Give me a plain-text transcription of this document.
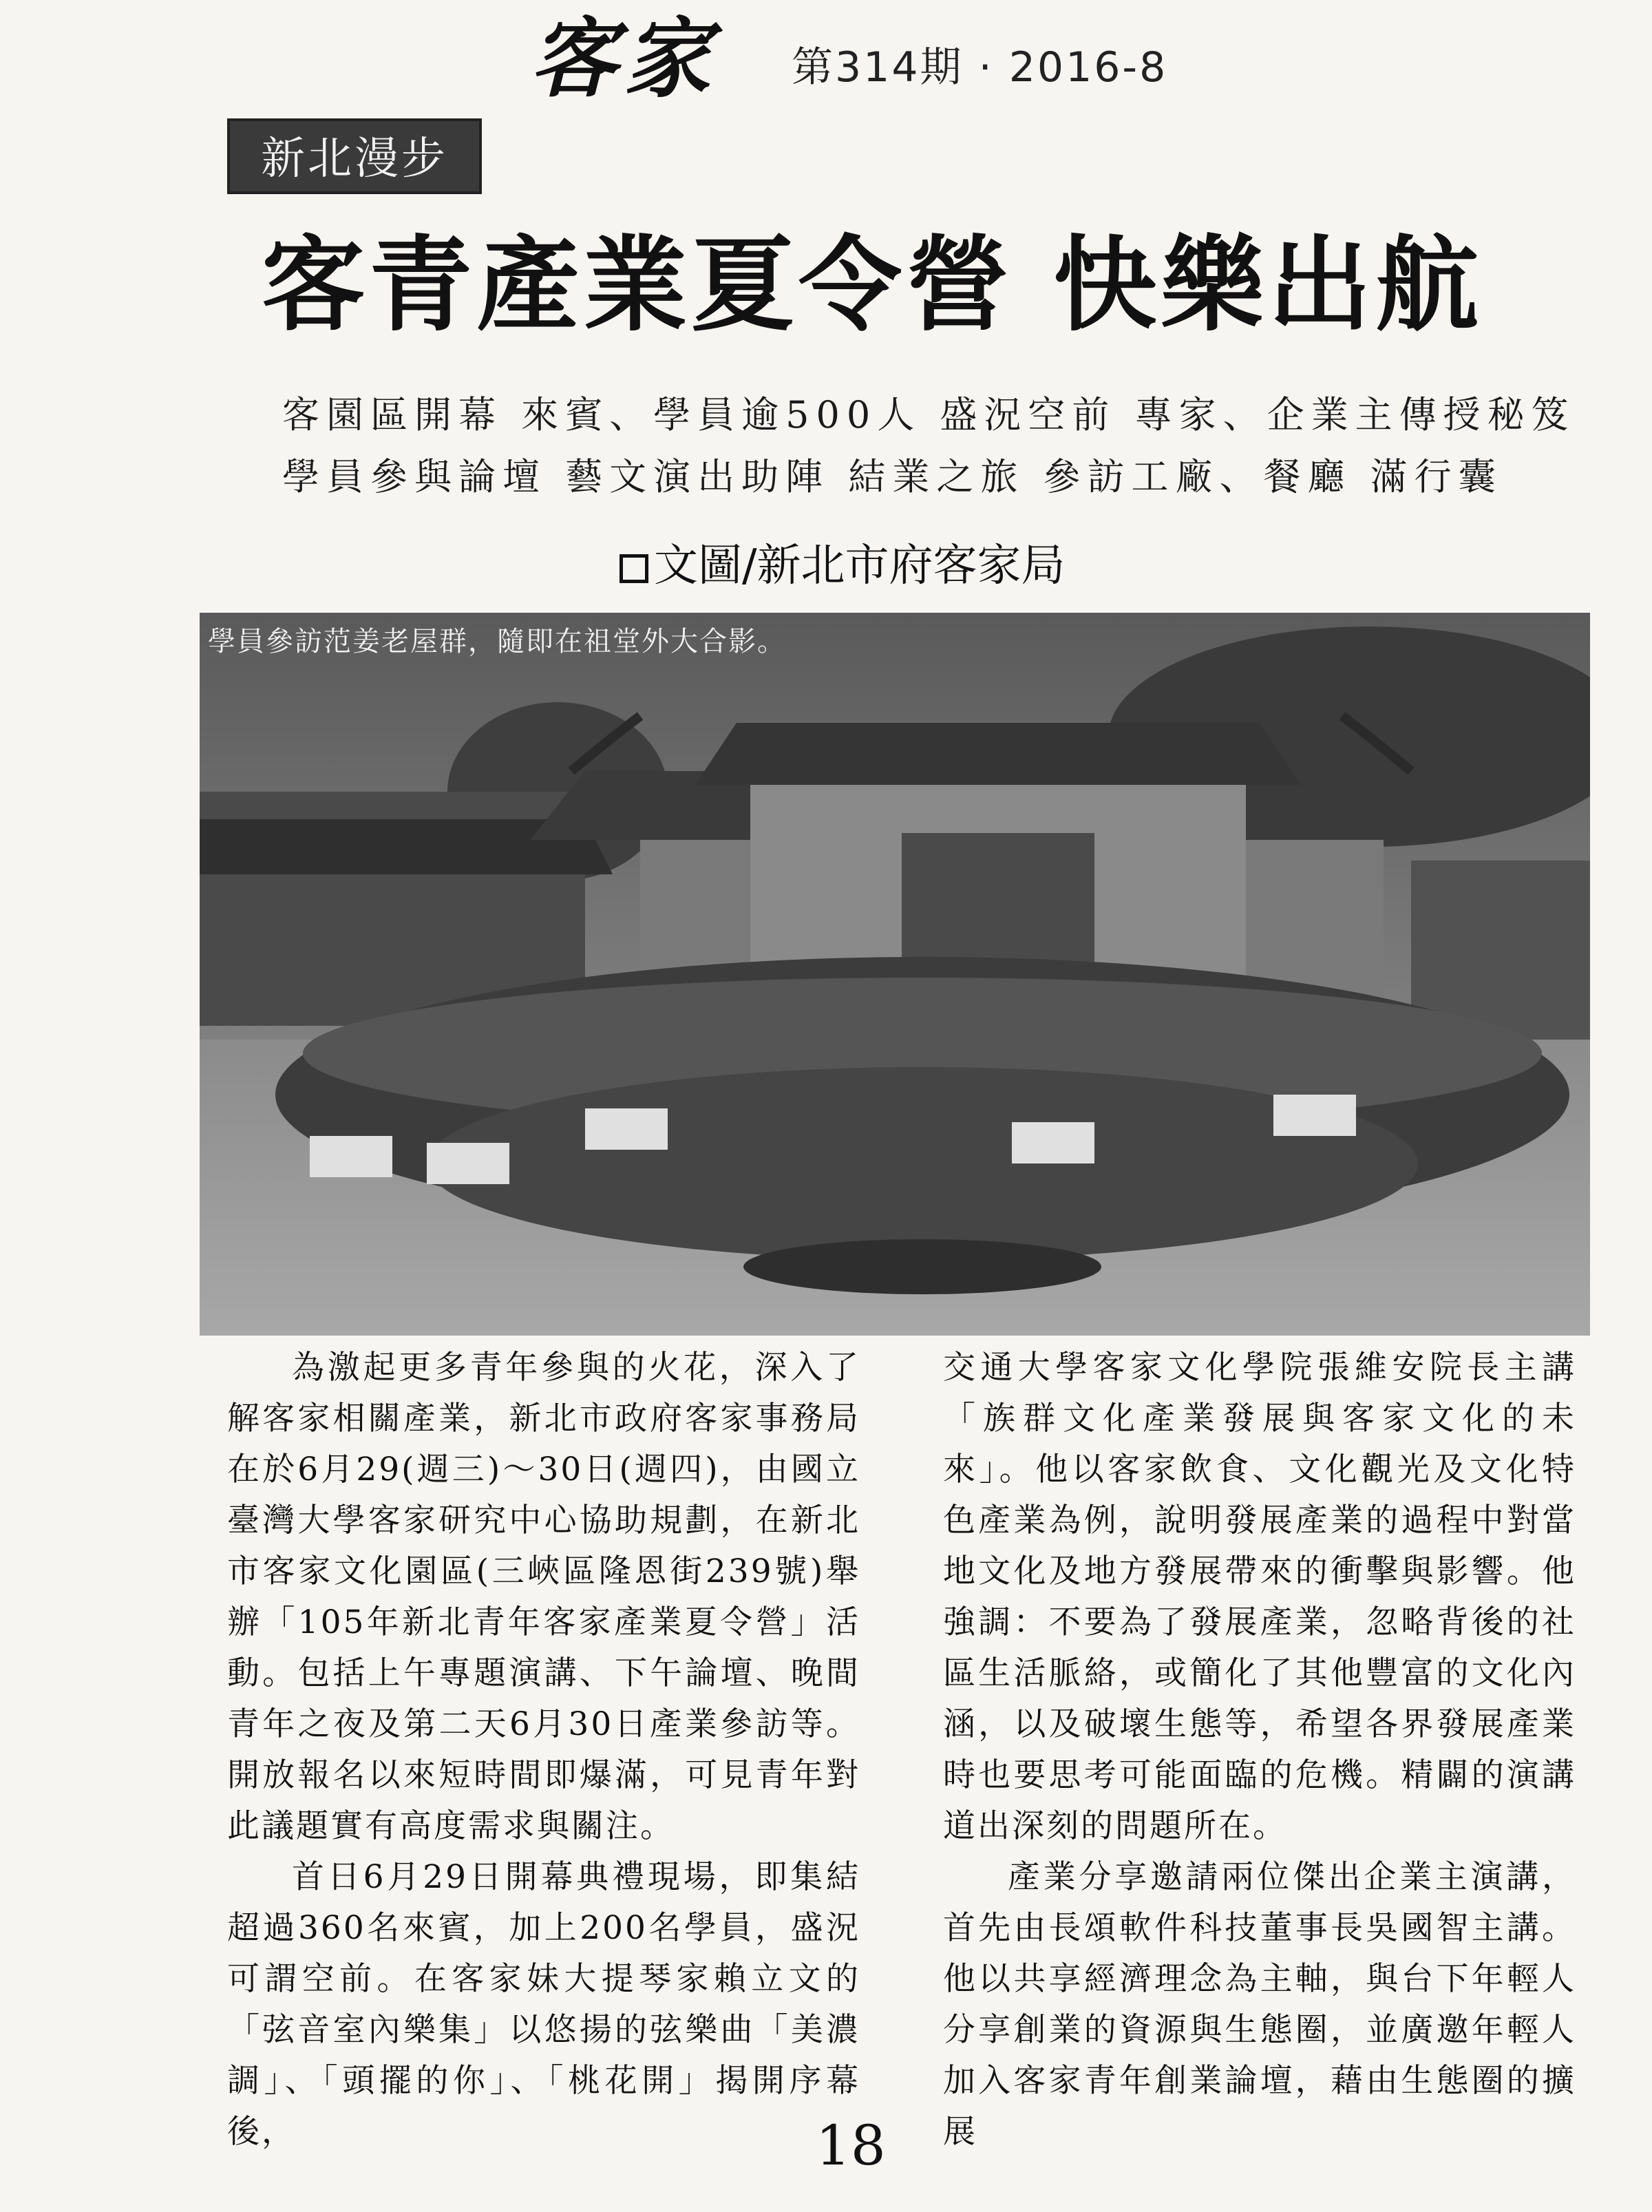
客家 第314期 · 2016-8
新北漫步
客青產業夏令營 快樂出航
客園區開幕 來賓、學員逾500人 盛況空前 專家、企業主傳授秘笈
學員參與論壇 藝文演出助陣 結業之旅 參訪工廠、餐廳 滿行囊
文圖/新北市府客家局
學員參訪范姜老屋群，隨即在祖堂外大合影。

為激起更多青年參與的火花，深入了解客家相關產業，新北市政府客家事務局在於6月29(週三)～30日(週四)，由國立臺灣大學客家研究中心協助規劃，在新北市客家文化園區(三峽區隆恩街239號)舉辦「105年新北青年客家產業夏令營」活動。包括上午專題演講、下午論壇、晚間青年之夜及第二天6月30日產業參訪等。開放報名以來短時間即爆滿，可見青年對此議題實有高度需求與關注。

首日6月29日開幕典禮現場，即集結超過360名來賓，加上200名學員，盛況可謂空前。在客家妹大提琴家賴立文的「弦音室內樂集」以悠揚的弦樂曲「美濃調」、「頭擺的你」、「桃花開」揭開序幕後，

交通大學客家文化學院張維安院長主講「族群文化產業發展與客家文化的未來」。他以客家飲食、文化觀光及文化特色產業為例，說明發展產業的過程中對當地文化及地方發展帶來的衝擊與影響。他強調：不要為了發展產業，忽略背後的社區生活脈絡，或簡化了其他豐富的文化內涵，以及破壞生態等，希望各界發展產業時也要思考可能面臨的危機。精闢的演講道出深刻的問題所在。

產業分享邀請兩位傑出企業主演講，首先由長頌軟件科技董事長吳國智主講。他以共享經濟理念為主軸，與台下年輕人分享創業的資源與生態圈，並廣邀年輕人加入客家青年創業論壇，藉由生態圈的擴展

18
